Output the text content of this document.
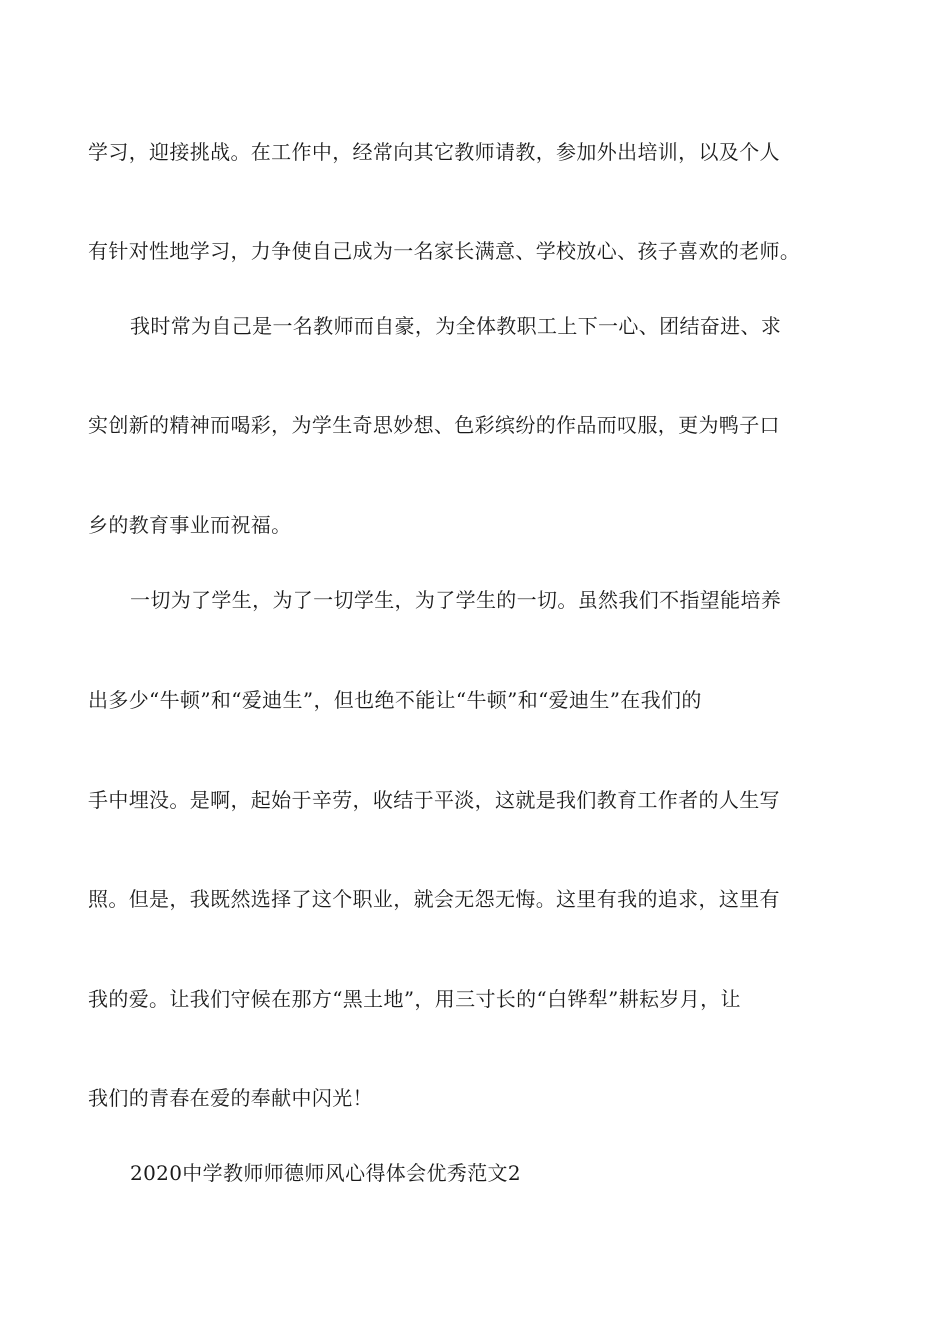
学习，迎接挑战。在工作中，经常向其它教师请教，参加外出培训，以及个人
有针对性地学习，力争使自己成为一名家长满意、学校放心、孩子喜欢的老师。
我时常为自己是一名教师而自豪，为全体教职工上下一心、团结奋进、求
实创新的精神而喝彩，为学生奇思妙想、色彩缤纷的作品而叹服，更为鸭子口
乡的教育事业而祝福。
一切为了学生，为了一切学生，为了学生的一切。虽然我们不指望能培养
出多少“牛顿”和“爱迪生”，但也绝不能让“牛顿”和“爱迪生”在我们的
手中埋没。是啊，起始于辛劳，收结于平淡，这就是我们教育工作者的人生写
照。但是，我既然选择了这个职业，就会无怨无悔。这里有我的追求，这里有
我的爱。让我们守候在那方“黑土地”，用三寸长的“白铧犁”耕耘岁月，让
我们的青春在爱的奉献中闪光！
2020中学教师师德师风心得体会优秀范文2
